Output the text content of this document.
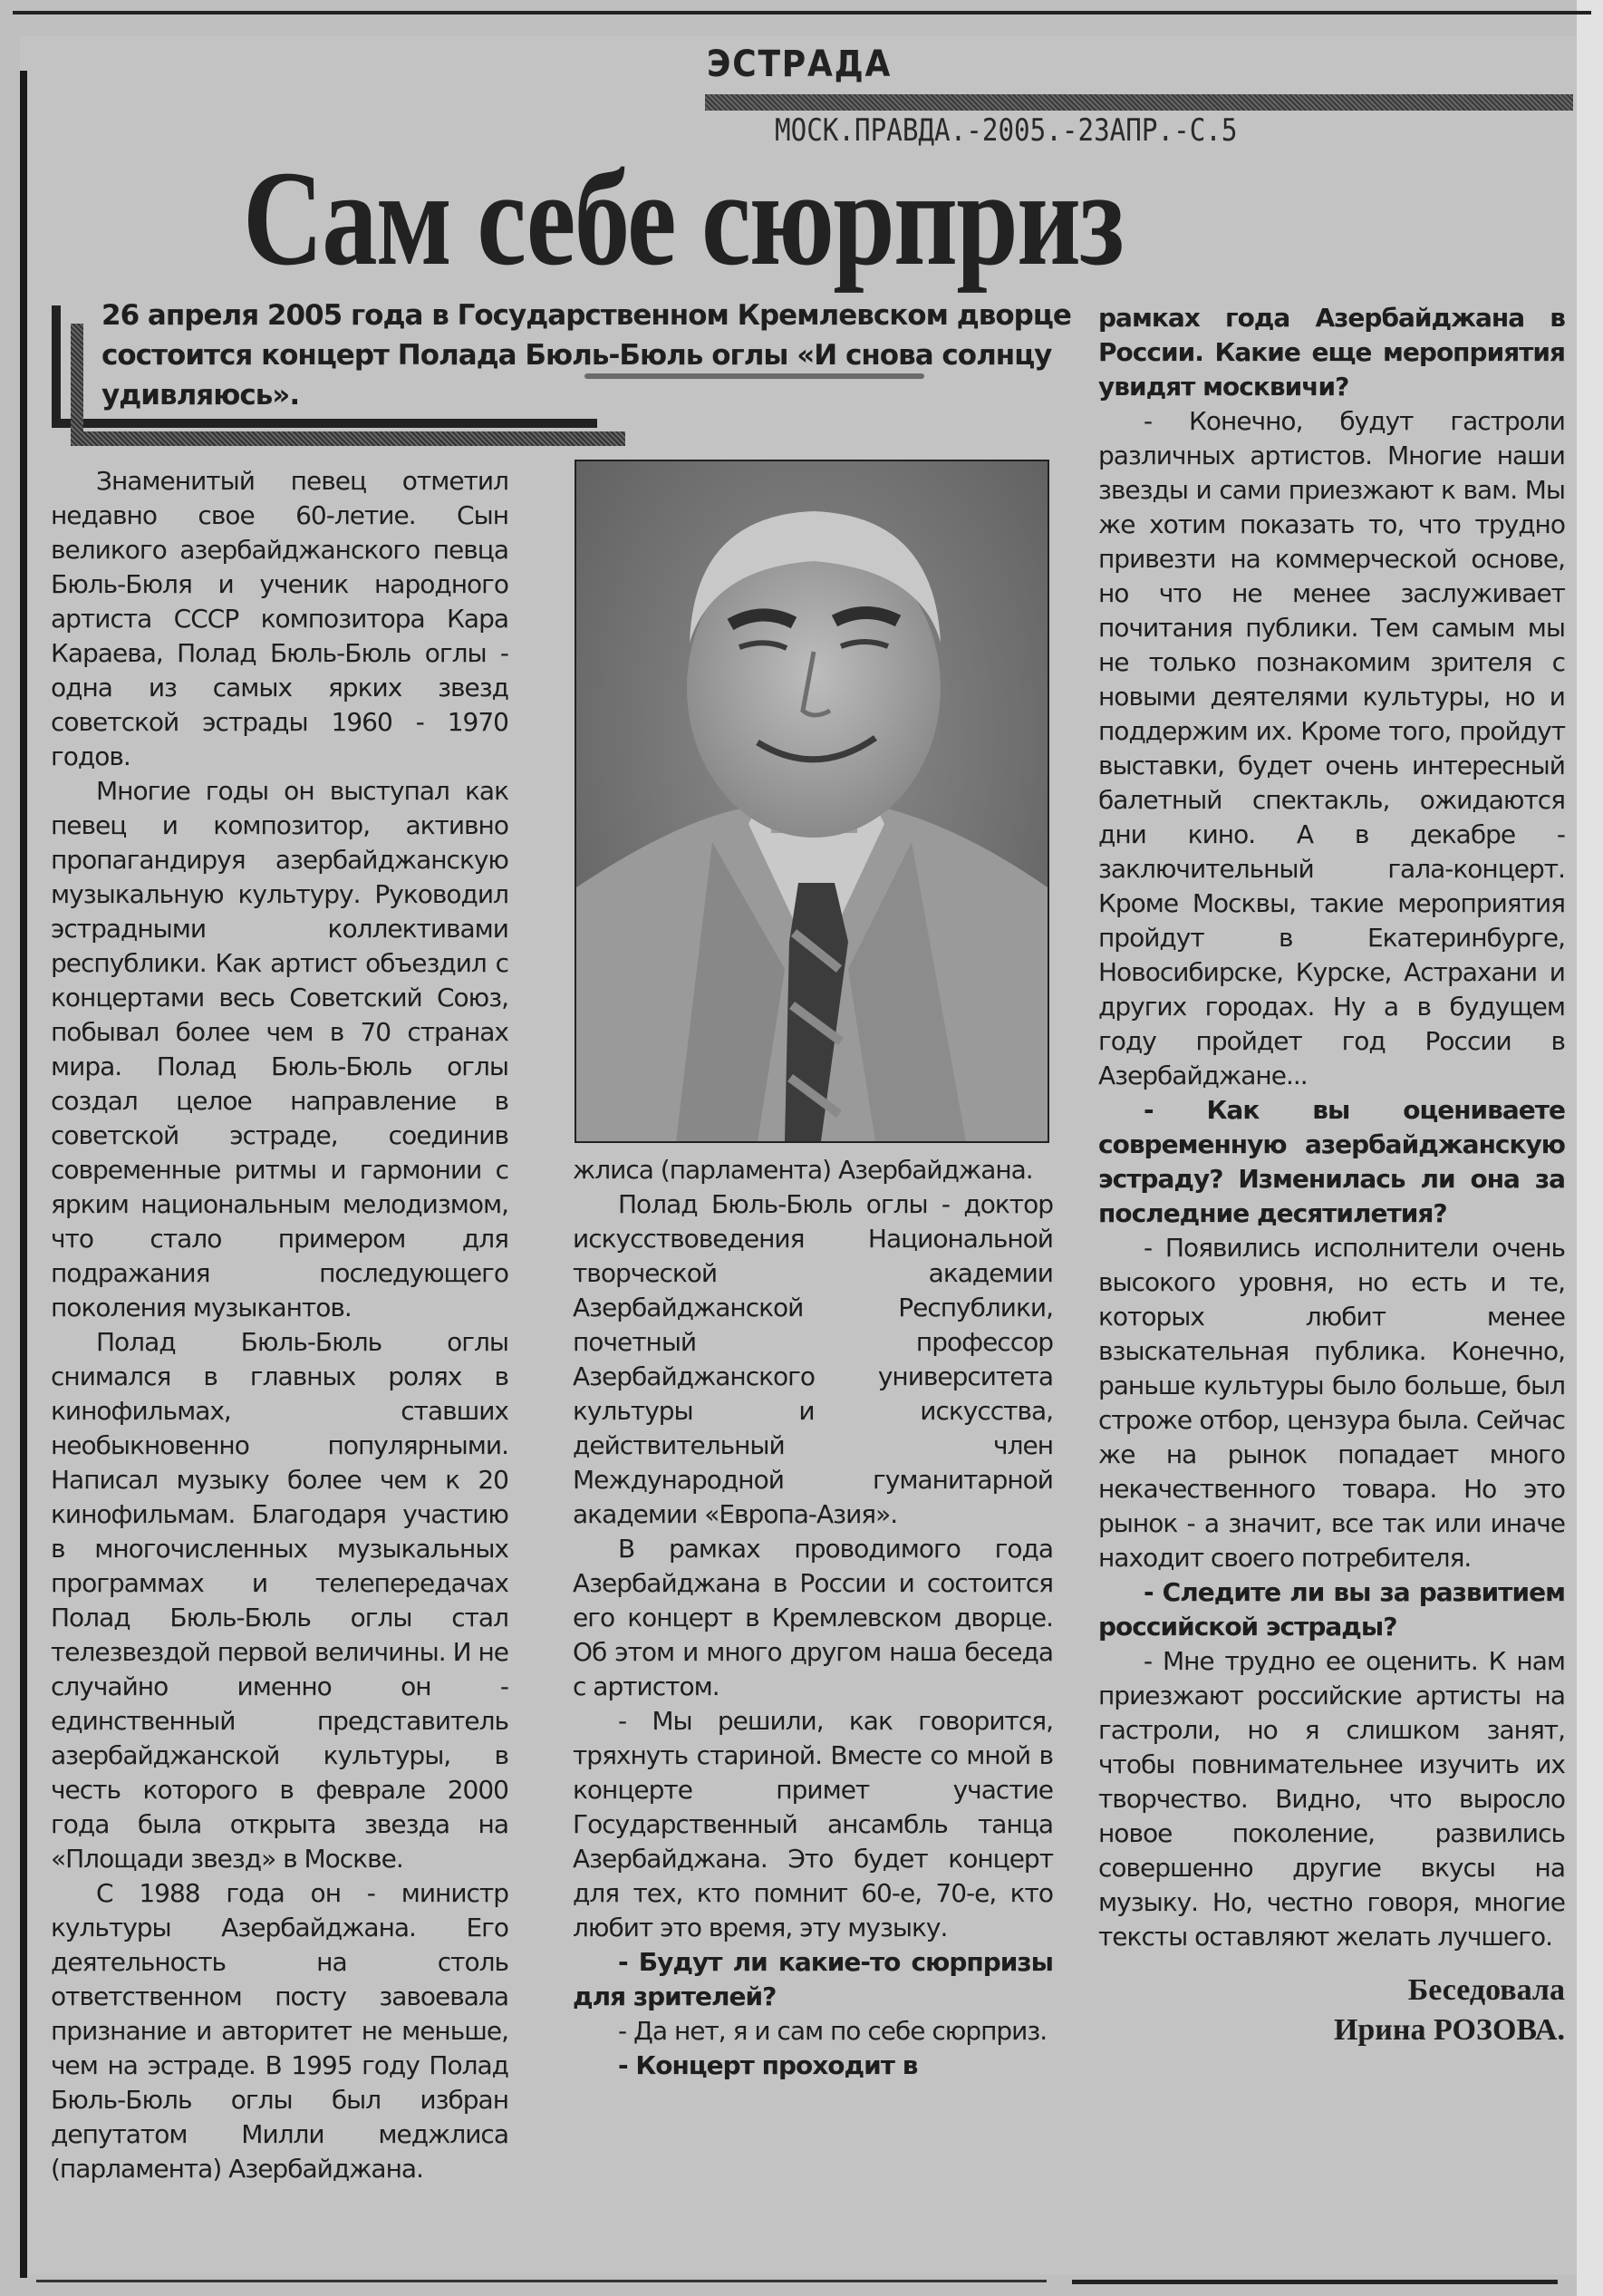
ЭСТРАДА
МОСК.ПРАВДА.-2005.-23АПР.-С.5
Сам себе сюрприз
26 апреля 2005 года в Государственном Кремлевском дворце состоится концерт Полада Бюль-Бюль оглы «И снова солнцу удивляюсь».

Знаменитый певец отметил недавно свое 60-летие. Сын великого азербайджанского певца Бюль-Бюля и ученик народного артиста СССР композитора Кара Караева, Полад Бюль-Бюль оглы - одна из самых ярких звезд советской эстрады 1960 - 1970 годов.

Многие годы он выступал как певец и композитор, активно пропагандируя азербайджанскую музыкальную культуру. Руководил эстрадными коллективами республики. Как артист объездил с концертами весь Советский Союз, побывал более чем в 70 странах мира. Полад Бюль-Бюль оглы создал целое направление в советской эстраде, соединив современные ритмы и гармонии с ярким национальным мелодизмом, что стало примером для подражания последующего поколения музыкантов.

Полад Бюль-Бюль оглы снимался в главных ролях в кинофильмах, ставших необыкновенно популярными. Написал музыку более чем к 20 кинофильмам. Благодаря участию в многочисленных музыкальных программах и телепередачах Полад Бюль-Бюль оглы стал телезвездой первой величины. И не случайно именно он - единственный представитель азербайджанской культуры, в честь которого в феврале 2000 года была открыта звезда на «Площади звезд» в Москве.

С 1988 года он - министр культуры Азербайджана. Его деятельность на столь ответственном посту завоевала признание и авторитет не меньше, чем на эстраде. В 1995 году Полад Бюль-Бюль оглы был избран депутатом Милли меджлиса (парламента) Азербайджана.

жлиса (парламента) Азербайджана.

Полад Бюль-Бюль оглы - доктор искусствоведения Национальной творческой академии Азербайджанской Республики, почетный профессор Азербайджанского университета культуры и искусства, действительный член Международной гуманитарной академии «Европа-Азия».

В рамках проводимого года Азербайджана в России и состоится его концерт в Кремлевском дворце. Об этом и много другом наша беседа с артистом.

- Мы решили, как говорится, тряхнуть стариной. Вместе со мной в концерте примет участие Государственный ансамбль танца Азербайджана. Это будет концерт для тех, кто помнит 60-е, 70-е, кто любит это время, эту музыку.

- Будут ли какие-то сюрпризы для зрителей?

- Да нет, я и сам по себе сюрприз.

- Концерт проходит в

рамках года Азербайджана в России. Какие еще мероприятия увидят москвичи?

- Конечно, будут гастроли различных артистов. Многие наши звезды и сами приезжают к вам. Мы же хотим показать то, что трудно привезти на коммерческой основе, но что не менее заслуживает почитания публики. Тем самым мы не только познакомим зрителя с новыми деятелями культуры, но и поддержим их. Кроме того, пройдут выставки, будет очень интересный балетный спектакль, ожидаются дни кино. А в декабре - заключительный гала-концерт. Кроме Москвы, такие мероприятия пройдут в Екатеринбурге, Новосибирске, Курске, Астрахани и других городах. Ну а в будущем году пройдет год России в Азербайджане...

- Как вы оцениваете современную азербайджанскую эстраду? Изменилась ли она за последние десятилетия?

- Появились исполнители очень высокого уровня, но есть и те, которых любит менее взыскательная публика. Конечно, раньше культуры было больше, был строже отбор, цензура была. Сейчас же на рынок попадает много некачественного товара. Но это рынок - а значит, все так или иначе находит своего потребителя.

- Следите ли вы за развитием российской эстрады?

- Мне трудно ее оценить. К нам приезжают российские артисты на гастроли, но я слишком занят, чтобы повнимательнее изучить их творчество. Видно, что выросло новое поколение, развились совершенно другие вкусы на музыку. Но, честно говоря, многие тексты оставляют желать лучшего.

Беседовала
Ирина РОЗОВА.
